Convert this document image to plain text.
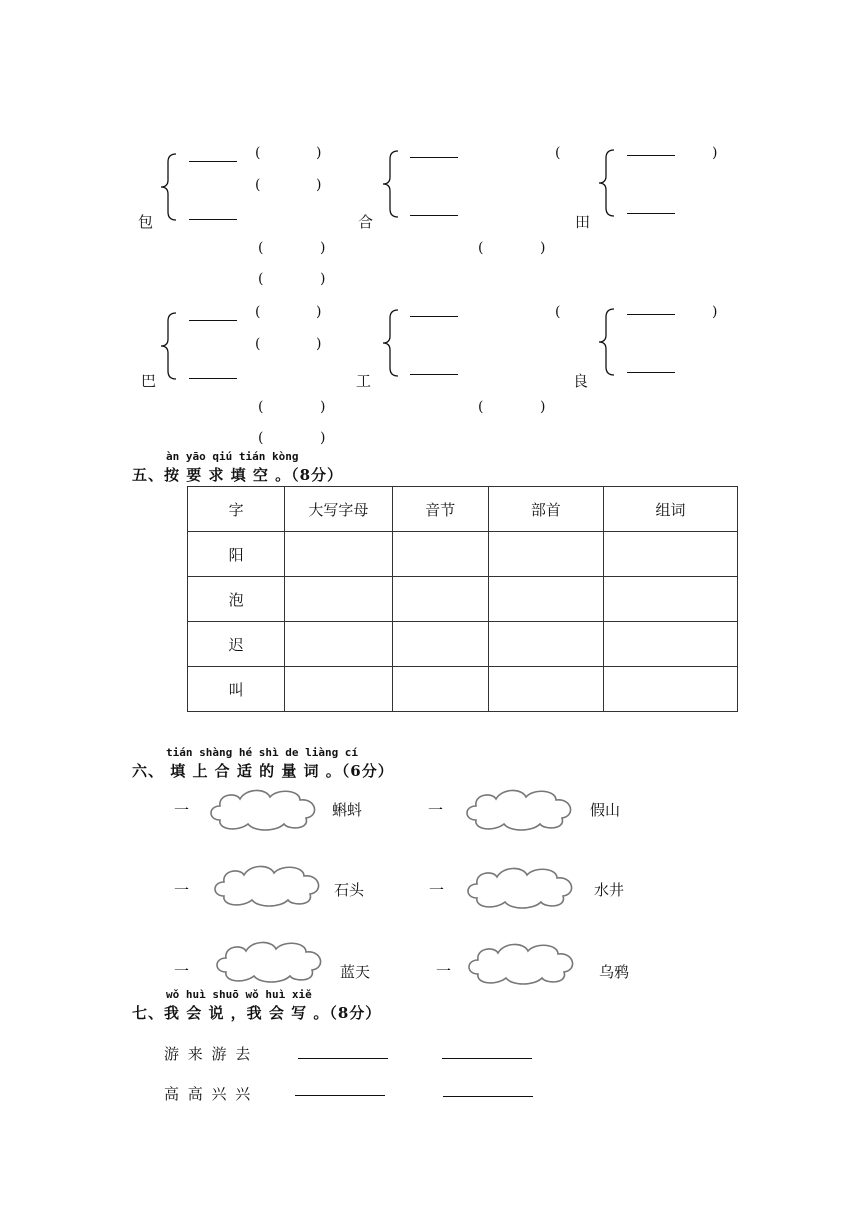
包
(	)
(	)
(	)
(	)
合
(
(	)
田
)
巴
(	)
(	)
(	)
(	)
工
(
(	)
良
)
àn yāo qiú tián kòng
五、按 要 求 填 空 。（8分）
字	大写字母	音节	部首	组词
阳				
泡				
迟				
叫				
tián shàng hé shì de liàng cí
六、 填 上 合 适 的 量 词 。（6分）
一	蝌蚪	一	假山
一	石头	一	水井
一	蓝天	一	乌鸦
wǒ huì shuō wǒ huì xiě
七、我 会 说 ，我 会 写 。（8分）
游 来 游 去
高 高 兴 兴
